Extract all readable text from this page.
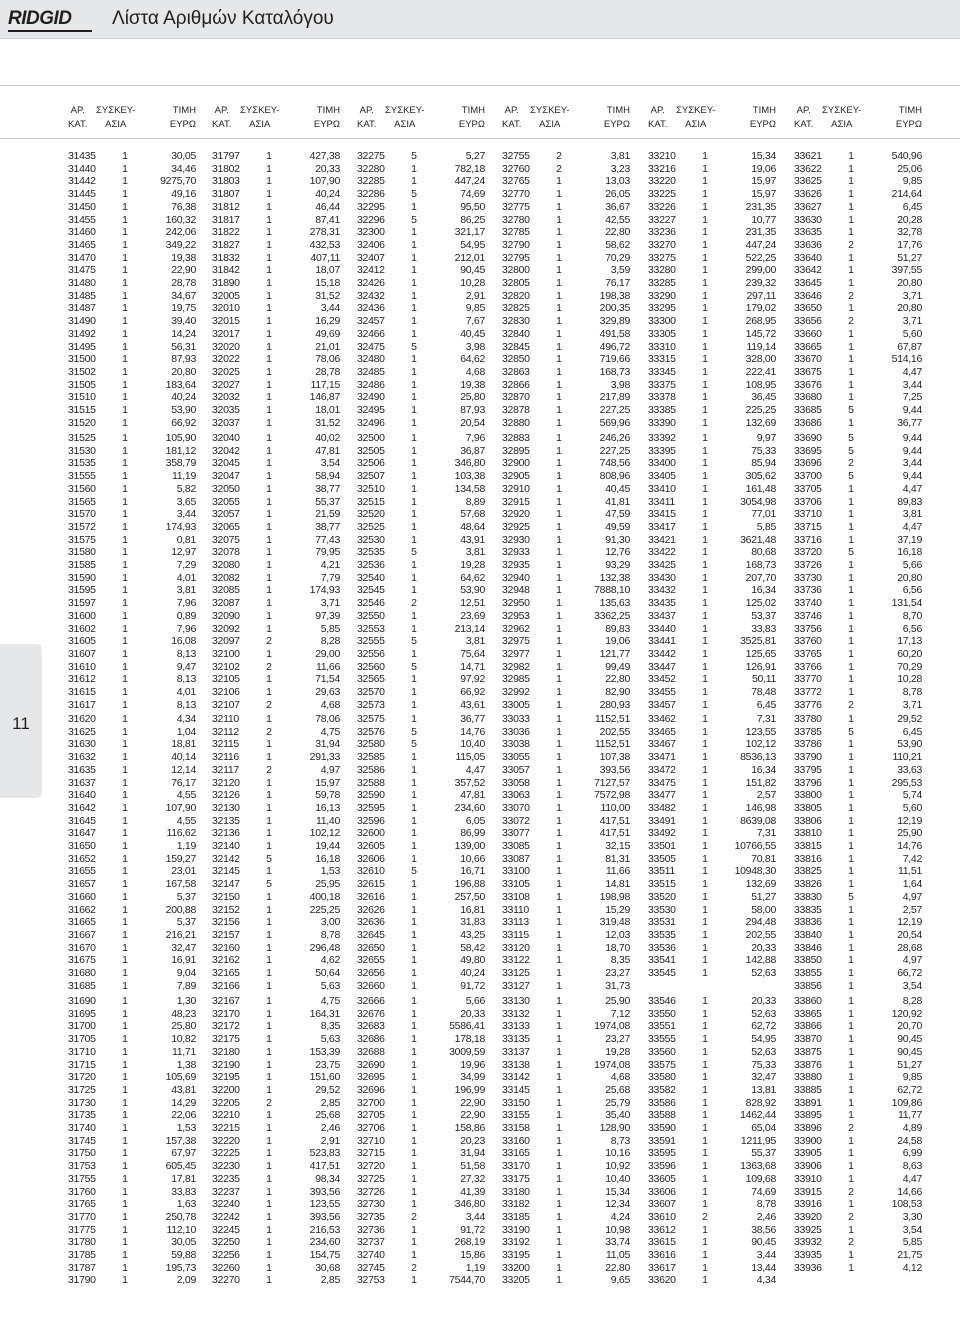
RIDGID Λίστα Αριθμών Καταλόγου
11
ΑΡ.
ΚΑΤ.
ΣΥΣΚΕΥ-
ΑΣΙΑ
ΤΙΜΗ
ΕΥΡΩ
31435	1	30,05
31440	1	34,46
31442	1	9275,70
31445	1	49,16
31450	1	76,38
31455	1	160,32
31460	1	242,06
31465	1	349,22
31470	1	19,38
31475	1	22,90
31480	1	28,78
31485	1	34,67
31487	1	19,75
31490	1	39,40
31492	1	14,24
31495	1	56,31
31500	1	87,93
31502	1	20,80
31505	1	183,64
31510	1	40,24
31515	1	53,90
31520	1	66,92
31525	1	105,90
31530	1	181,12
31535	1	358,79
31555	1	11,19
31560	1	5,82
31565	1	3,65
31570	1	3,44
31572	1	174,93
31575	1	0,81
31580	1	12,97
31585	1	7,29
31590	1	4,01
31595	1	3,81
31597	1	7,96
31600	1	0,89
31602	1	7,96
31605	1	16,08
31607	1	8,13
31610	1	9,47
31612	1	8,13
31615	1	4,01
31617	1	8,13
31620	1	4,34
31625	1	1,04
31630	1	18,81
31632	1	40,14
31635	1	12,14
31637	1	76,17
31640	1	4,55
31642	1	107,90
31645	1	4,55
31647	1	116,62
31650	1	1,19
31652	1	159,27
31655	1	23,01
31657	1	167,58
31660	1	5,37
31662	1	200,88
31665	1	5,37
31667	1	216,21
31670	1	32,47
31675	1	16,91
31680	1	9,04
31685	1	7,89
31690	1	1,30
31695	1	48,23
31700	1	25,80
31705	1	10,82
31710	1	11,71
31715	1	1,38
31720	1	105,69
31725	1	43,81
31730	1	14,29
31735	1	22,06
31740	1	1,53
31745	1	157,38
31750	1	67,97
31753	1	605,45
31755	1	17,81
31760	1	33,83
31765	1	1,63
31770	1	250,78
31775	1	112,10
31780	1	30,05
31785	1	59,88
31787	1	195,73
31790	1	2,09
ΑΡ.
ΚΑΤ.
ΣΥΣΚΕΥ-
ΑΣΙΑ
ΤΙΜΗ
ΕΥΡΩ
31797	1	427,38
31802	1	20,33
31803	1	107,90
31807	1	40,24
31812	1	46,44
31817	1	87,41
31822	1	278,31
31827	1	432,53
31832	1	407,11
31842	1	18,07
31890	1	15,18
32005	1	31,52
32010	1	3,44
32015	1	16,29
32017	1	49,69
32020	1	21,01
32022	1	78,06
32025	1	28,78
32027	1	117,15
32032	1	146,87
32035	1	18,01
32037	1	31,52
32040	1	40,02
32042	1	47,81
32045	1	3,54
32047	1	58,94
32050	1	38,77
32055	1	55,37
32057	1	21,59
32065	1	38,77
32075	1	77,43
32078	1	79,95
32080	1	4,21
32082	1	7,79
32085	1	174,93
32087	1	3,71
32090	1	97,39
32092	1	5,85
32097	2	8,28
32100	1	29,00
32102	2	11,66
32105	1	71,54
32106	1	29,63
32107	2	4,68
32110	1	78,06
32112	2	4,75
32115	1	31,94
32116	1	291,33
32117	2	4,97
32120	1	15,97
32126	1	59,78
32130	1	16,13
32135	1	11,40
32136	1	102,12
32140	1	19,44
32142	5	16,18
32145	1	1,53
32147	5	25,95
32150	1	400,18
32152	1	225,25
32156	1	3,00
32157	1	8,78
32160	1	296,48
32162	1	4,62
32165	1	50,64
32166	1	5,63
32167	1	4,75
32170	1	164,31
32172	1	8,35
32175	1	5,63
32180	1	153,39
32190	1	23,75
32195	1	151,60
32200	1	29,52
32205	2	2,85
32210	1	25,68
32215	1	2,46
32220	1	2,91
32225	1	523,83
32230	1	417,51
32235	1	98,34
32237	1	393,56
32240	1	123,55
32242	1	393,56
32245	1	216,53
32250	1	234,60
32256	1	154,75
32260	1	30,68
32270	1	2,85
ΑΡ.
ΚΑΤ.
ΣΥΣΚΕΥ-
ΑΣΙΑ
ΤΙΜΗ
ΕΥΡΩ
32275	5	5,27
32280	1	782,18
32285	1	447,24
32286	5	74,69
32295	1	95,50
32296	5	86,25
32300	1	321,17
32406	1	54,95
32407	1	212,01
32412	1	90,45
32426	1	10,28
32432	1	2,91
32436	1	9,85
32457	1	7,67
32466	1	40,45
32475	5	3,98
32480	1	64,62
32485	1	4,68
32486	1	19,38
32490	1	25,80
32495	1	87,93
32496	1	20,54
32500	1	7,96
32505	1	36,87
32506	1	346,80
32507	1	103,38
32510	1	134,58
32515	1	8,89
32520	1	57,68
32525	1	48,64
32530	1	43,91
32535	5	3,81
32536	1	19,28
32540	1	64,62
32545	1	53,90
32546	2	12,51
32550	1	23,69
32553	1	213,14
32555	5	3,81
32556	1	75,64
32560	5	14,71
32565	1	97,92
32570	1	66,92
32573	1	43,61
32575	1	36,77
32576	5	14,76
32580	5	10,40
32585	1	115,05
32586	1	4,47
32588	1	357,52
32590	1	47,81
32595	1	234,60
32596	1	6,05
32600	1	86,99
32605	1	139,00
32606	1	10,66
32610	5	16,71
32615	1	196,88
32616	1	257,50
32626	1	16,81
32636	1	31,83
32645	1	43,25
32650	1	58,42
32655	1	49,80
32656	1	40,24
32660	1	91,72
32666	1	5,66
32676	1	20,33
32683	1	5586,41
32686	1	178,18
32688	1	3009,59
32690	1	19,96
32695	1	34,99
32696	1	196,99
32700	1	22,90
32705	1	22,90
32706	1	158,86
32710	1	20,23
32715	1	31,94
32720	1	51,58
32725	1	27,32
32726	1	41,39
32730	1	346,80
32735	2	3,44
32736	1	91,72
32737	1	268,19
32740	1	15,86
32745	2	1,19
32753	1	7544,70
ΑΡ.
ΚΑΤ.
ΣΥΣΚΕΥ-
ΑΣΙΑ
ΤΙΜΗ
ΕΥΡΩ
32755	2	3,81
32760	2	3,23
32765	1	13,03
32770	1	26,05
32775	1	36,67
32780	1	42,55
32785	1	22,80
32790	1	58,62
32795	1	70,29
32800	1	3,59
32805	1	76,17
32820	1	198,38
32825	1	200,35
32830	1	329,89
32840	1	491,58
32845	1	496,72
32850	1	719,66
32863	1	168,73
32866	1	3,98
32870	1	217,89
32878	1	227,25
32880	1	569,96
32883	1	246,26
32895	1	227,25
32900	1	748,56
32905	1	808,96
32910	1	40,45
32915	1	41,81
32920	1	47,59
32925	1	49,59
32930	1	91,30
32933	1	12,76
32935	1	93,29
32940	1	132,38
32948	1	7888,10
32950	1	135,63
32953	1	3362,25
32962	1	89,83
32975	1	19,06
32977	1	121,77
32982	1	99,49
32985	1	22,80
32992	1	82,90
33005	1	280,93
33033	1	1152,51
33036	1	202,55
33038	1	1152,51
33055	1	107,38
33057	1	393,56
33058	1	7127,57
33063	1	7572,98
33070	1	110,00
33072	1	417,51
33077	1	417,51
33085	1	32,15
33087	1	81,31
33100	1	11,66
33105	1	14,81
33108	1	198,98
33110	1	15,29
33113	1	319,48
33115	1	12,03
33120	1	18,70
33122	1	8,35
33125	1	23,27
33127	1	31,73
33130	1	25,90
33132	1	7,12
33133	1	1974,08
33135	1	23,27
33137	1	19,28
33138	1	1974,08
33142	1	4,68
33145	1	25,68
33150	1	25,79
33155	1	35,40
33158	1	128,90
33160	1	8,73
33165	1	10,16
33170	1	10,92
33175	1	10,40
33180	1	15,34
33182	1	12,34
33185	1	4,24
33190	1	10,98
33192	1	33,74
33195	1	11,05
33200	1	22,80
33205	1	9,65
ΑΡ.
ΚΑΤ.
ΣΥΣΚΕΥ-
ΑΣΙΑ
ΤΙΜΗ
ΕΥΡΩ
33210	1	15,34
33216	1	19,06
33220	1	15,97
33225	1	15,97
33226	1	231,35
33227	1	10,77
33236	1	231,35
33270	1	447,24
33275	1	522,25
33280	1	299,00
33285	1	239,32
33290	1	297,11
33295	1	179,02
33300	1	268,95
33305	1	145,72
33310	1	119,14
33315	1	328,00
33345	1	222,41
33375	1	108,95
33378	1	36,45
33385	1	225,25
33390	1	132,69
33392	1	9,97
33395	1	75,33
33400	1	85,94
33405	1	305,62
33410	1	161,48
33411	1	3054,98
33415	1	77,01
33417	1	5,85
33421	1	3621,48
33422	1	80,68
33425	1	168,73
33430	1	207,70
33432	1	16,34
33435	1	125,02
33437	1	53,37
33440	1	33,83
33441	1	3525,81
33442	1	125,65
33447	1	126,91
33452	1	50,11
33455	1	78,48
33457	1	6,45
33462	1	7,31
33465	1	123,55
33467	1	102,12
33471	1	8536,13
33472	1	16,34
33475	1	151,82
33477	1	2,57
33482	1	146,98
33491	1	8639,08
33492	1	7,31
33501	1	10766,55
33505	1	70,81
33511	1	10948,30
33515	1	132,69
33520	1	51,27
33530	1	58,00
33531	1	294,48
33535	1	202,55
33536	1	20,33
33541	1	142,88
33545	1	52,63
33546	1	20,33
33550	1	52,63
33551	1	62,72
33555	1	54,95
33560	1	52,63
33575	1	75,33
33580	1	32,47
33582	1	13,81
33586	1	828,92
33588	1	1462,44
33590	1	65,04
33591	1	1211,95
33595	1	55,37
33596	1	1363,68
33605	1	109,68
33606	1	74,69
33607	1	8,78
33610	2	2,46
33612	1	38,56
33615	1	90,45
33616	1	3,44
33617	1	13,44
33620	1	4,34
ΑΡ.
ΚΑΤ.
ΣΥΣΚΕΥ-
ΑΣΙΑ
ΤΙΜΗ
ΕΥΡΩ
33621	1	540,96
33622	1	25,06
33625	1	9,85
33626	1	214,64
33627	1	6,45
33630	1	20,28
33635	1	32,78
33636	2	17,76
33640	1	51,27
33642	1	397,55
33645	1	20,80
33646	2	3,71
33650	1	20,80
33656	2	3,71
33660	1	5,60
33665	1	67,87
33670	1	514,16
33675	1	4,47
33676	1	3,44
33680	1	7,25
33685	5	9,44
33686	1	36,77
33690	5	9,44
33695	5	9,44
33696	2	3,44
33700	5	9,44
33705	1	4,47
33706	1	89,83
33710	1	3,81
33715	1	4,47
33716	1	37,19
33720	5	16,18
33726	1	5,66
33730	1	20,80
33736	1	6,56
33740	1	131,54
33746	1	8,70
33756	1	6,56
33760	1	17,13
33765	1	60,20
33766	1	70,29
33770	1	10,28
33772	1	8,78
33776	2	3,71
33780	1	29,52
33785	5	6,45
33786	1	53,90
33790	1	110,21
33795	1	33,63
33796	1	295,53
33800	1	5,74
33805	1	5,60
33806	1	12,19
33810	1	25,90
33815	1	14,76
33816	1	7,42
33825	1	11,51
33826	1	1,64
33830	5	4,97
33835	1	2,57
33836	1	12,19
33840	1	20,54
33846	1	28,68
33850	1	4,97
33855	1	66,72
33856	1	3,54
33860	1	8,28
33865	1	120,92
33866	1	20,70
33870	1	90,45
33875	1	90,45
33876	1	51,27
33880	1	9,85
33885	1	62,72
33891	1	109,86
33895	1	11,77
33896	2	4,89
33900	1	24,58
33905	1	6,99
33906	1	8,63
33910	1	4,47
33915	2	14,66
33916	1	108,53
33920	2	3,30
33925	1	3,54
33932	2	5,85
33935	1	21,75
33936	1	4,12
